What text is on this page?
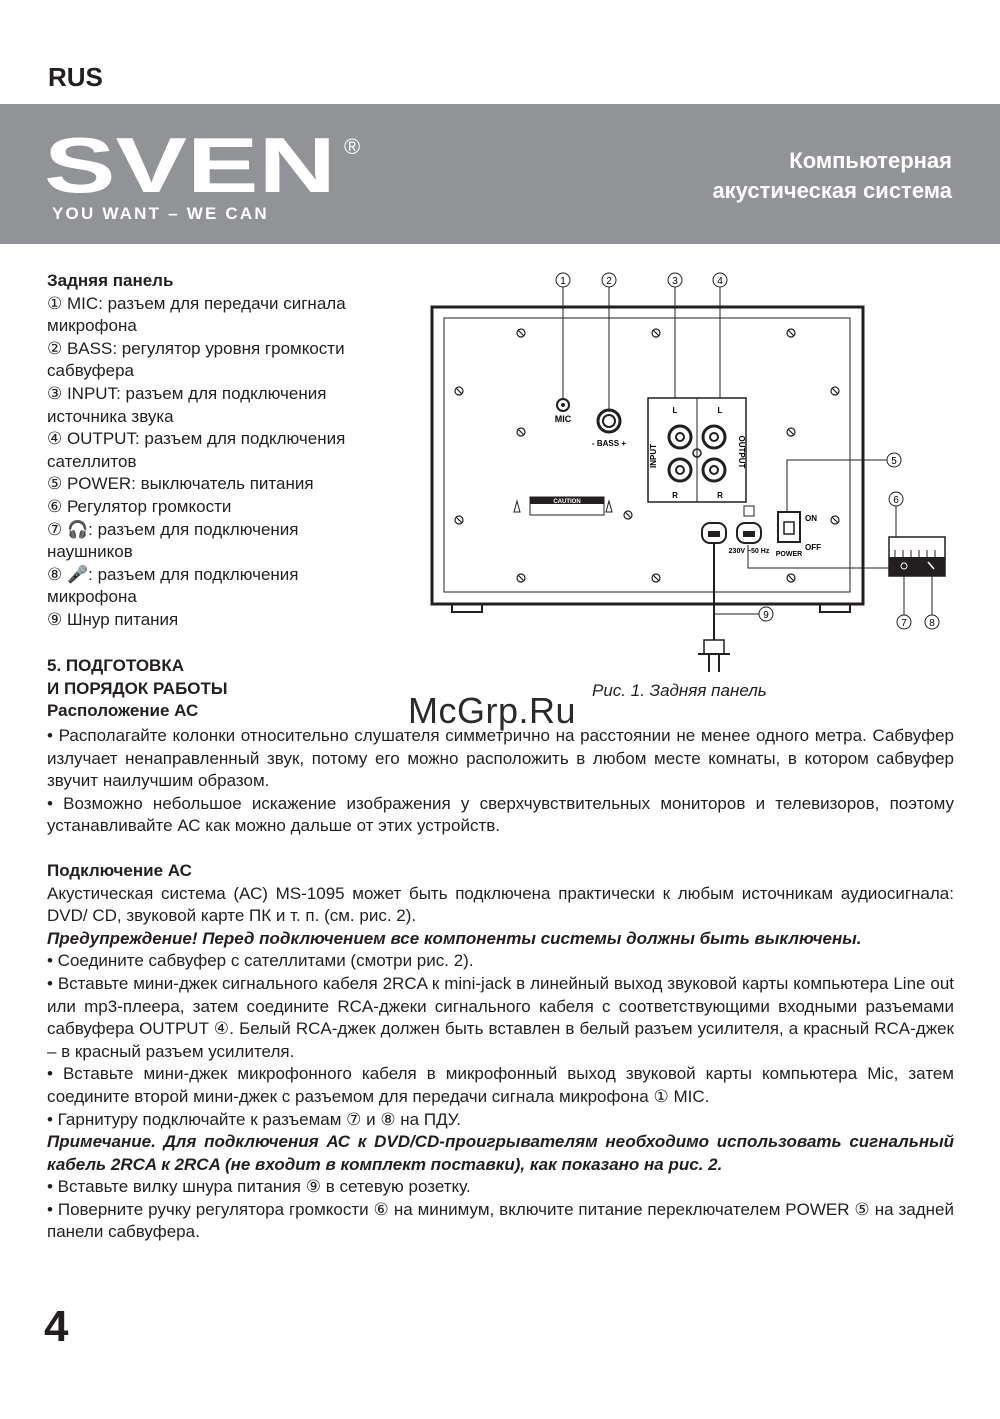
RUS
SVEN ®
YOU WANT – WE CAN
Компьютерная
акустическая система
Задняя панель
① MIC: разъем для передачи сигнала
микрофона
② BASS: регулятор уровня громкости
сабвуфера
③ INPUT: разъем для подключения
источника звука
④ OUTPUT: разъем для подключения
сателлитов
⑤ POWER: выключатель питания
⑥ Регулятор громкости
⑦ 🎧: разъем для подключения
наушников
⑧ 🎤: разъем для подключения
микрофона
⑨ Шнур питания
1	2	3	4
MIC
- BASS +
L	L
R	R
INPUT	OUTPUT
CAUTION
230V ~50 Hz
ON
OFF
POWER
5
6
7 8
9
Рис. 1. Задняя панель
McGrp.Ru
5. ПОДГОТОВКА
И ПОРЯДОК РАБОТЫ
Расположение АС
• Располагайте колонки относительно слушателя симметрично на расстоянии не менее одного метра. Сабвуфер излучает ненаправленный звук, потому его можно расположить в любом месте комнаты, в котором сабвуфер звучит наилучшим образом.
• Возможно небольшое искажение изображения у сверхчувствительных мониторов и телевизоров, поэтому устанавливайте АС как можно дальше от этих устройств.
Подключение АС
Акустическая система (АС) MS-1095 может быть подключена практически к любым источникам аудиосигнала: DVD/ CD, звуковой карте ПК и т. п. (см. рис. 2).
Предупреждение! Перед подключением все компоненты системы должны быть выключены.
• Соедините сабвуфер с сателлитами (смотри рис. 2).
• Вставьте мини-джек сигнального кабеля 2RCA к mini-jack в линейный выход звуковой карты компьютера Line out или mp3-плеера, затем соедините RCA-джеки сигнального кабеля с соответствующими входными разъемами сабвуфера OUTPUT ④. Белый RCA-джек должен быть вставлен в белый разъем усилителя, а красный RCA-джек – в красный разъем усилителя.
• Вставьте мини-джек микрофонного кабеля в микрофонный выход звуковой карты компьютера Mic, затем соедините второй мини-джек с разъемом для передачи сигнала микрофона ① MIC.
• Гарнитуру подключайте к разъемам ⑦ и ⑧ на ПДУ.
Примечание. Для подключения АС к DVD/CD-проигрывателям необходимо использовать сигнальный кабель 2RCA к 2RCA (не входит в комплект поставки), как показано на рис. 2.
• Вставьте вилку шнура питания ⑨ в сетевую розетку.
• Поверните ручку регулятора громкости ⑥ на минимум, включите питание переключателем POWER ⑤ на задней панели сабвуфера.
4
